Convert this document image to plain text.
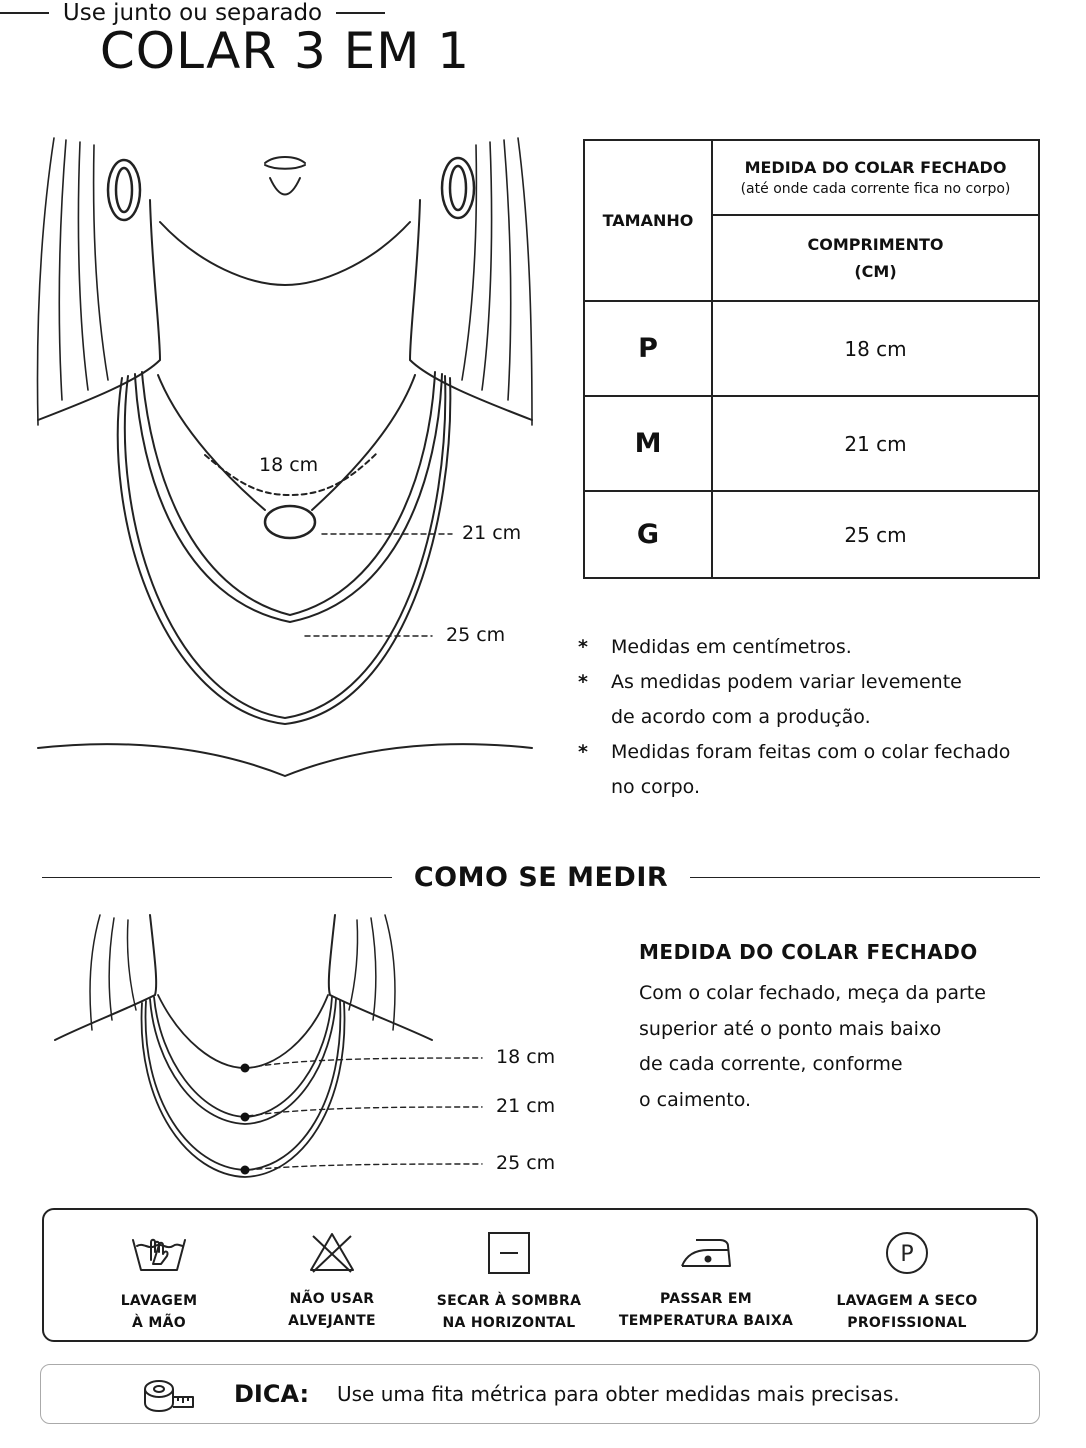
COLAR 3 EM 1
Use junto ou separado
18 cm
21 cm
25 cm
TAMANHO	MEDIDA DO COLAR FECHADO
(até onde cada corrente fica no corpo)

	COMPRIMENTO
(CM)

P	18 cm
M	21 cm
G	25 cm
*	Medidas em centímetros.
*	As medidas podem variar levemente
de acordo com a produção.
*	Medidas foram feitas com o colar fechado
no corpo.
COMO SE MEDIR
18 cm
21 cm
25 cm
MEDIDA DO COLAR FECHADO
Com o colar fechado, meça da parte
superior até o ponto mais baixo
de cada corrente, conforme
o caimento.
LAVAGEM
À MÃO
NÃO USAR
ALVEJANTE
SECAR À SOMBRA
NA HORIZONTAL
PASSAR EM
TEMPERATURA BAIXA
P
LAVAGEM A SECO
PROFISSIONAL
DICA: Use uma fita métrica para obter medidas mais precisas.
